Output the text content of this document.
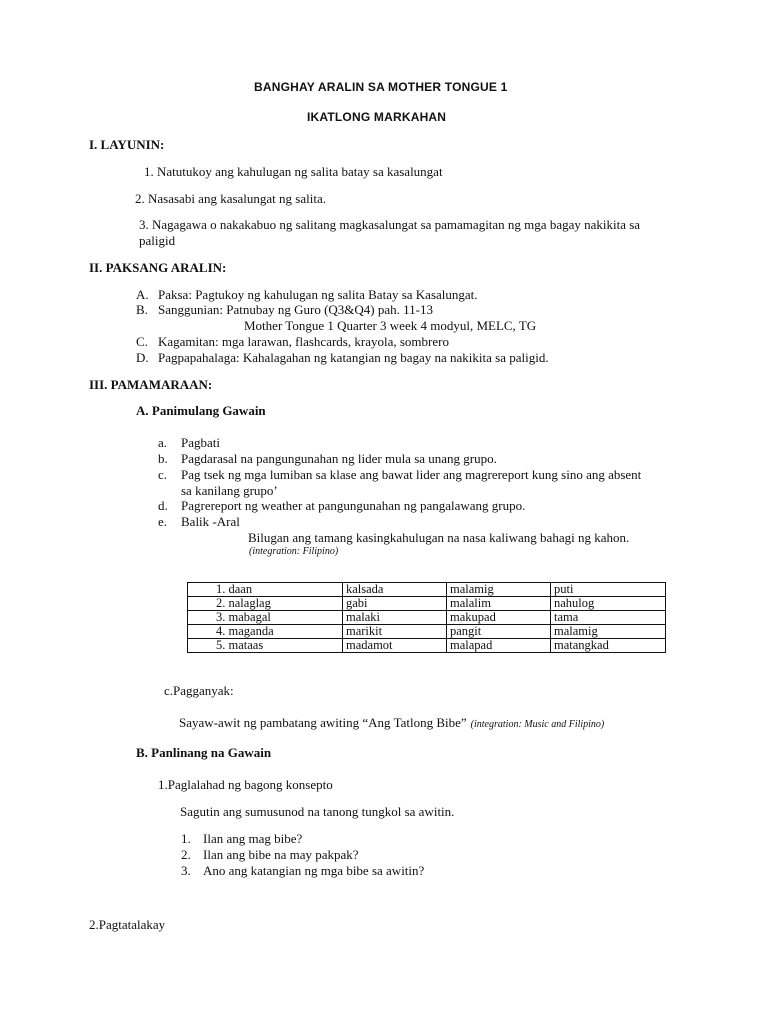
BANGHAY ARALIN SA MOTHER TONGUE 1
IKATLONG MARKAHAN
I. LAYUNIN:
1. Natutukoy ang kahulugan ng salita batay sa kasalungat
2. Nasasabi ang kasalungat ng salita.
3. Nagagawa o nakakabuo ng salitang magkasalungat sa pamamagitan ng mga bagay nakikita sa
paligid
II. PAKSANG ARALIN:
A. Paksa: Pagtukoy ng kahulugan ng salita Batay sa Kasalungat.
B. Sanggunian: Patnubay ng Guro (Q3&Q4) pah. 11-13
Mother Tongue 1 Quarter 3 week 4 modyul, MELC, TG
C. Kagamitan: mga larawan, flashcards, krayola, sombrero
D. Pagpapahalaga: Kahalagahan ng katangian ng bagay na nakikita sa paligid.
III. PAMAMARAAN:
A. Panimulang Gawain
a. Pagbati
b. Pagdarasal na pangungunahan ng lider mula sa unang grupo.
c. Pag tsek ng mga lumiban sa klase ang bawat lider ang magrereport kung sino ang absent
sa kanilang grupo’
d. Pagrereport ng weather at pangungunahan ng pangalawang grupo.
e. Balik -Aral
Bilugan ang tamang kasingkahulugan na nasa kaliwang bahagi ng kahon.
(integration: Filipino)
1. daan	kalsada	malamig	puti
2. nalaglag	gabi	malalim	nahulog
3. mabagal	malaki	makupad	tama
4. maganda	marikit	pangit	malamig
5. mataas	madamot	malapad	matangkad
c.Pagganyak:
Sayaw-awit ng pambatang awiting “Ang Tatlong Bibe” (integration: Music and Filipino)
B. Panlinang na Gawain
1.Paglalahad ng bagong konsepto
Sagutin ang sumusunod na tanong tungkol sa awitin.
1. Ilan ang mag bibe?
2. Ilan ang bibe na may pakpak?
3. Ano ang katangian ng mga bibe sa awitin?
2.Pagtatalakay
